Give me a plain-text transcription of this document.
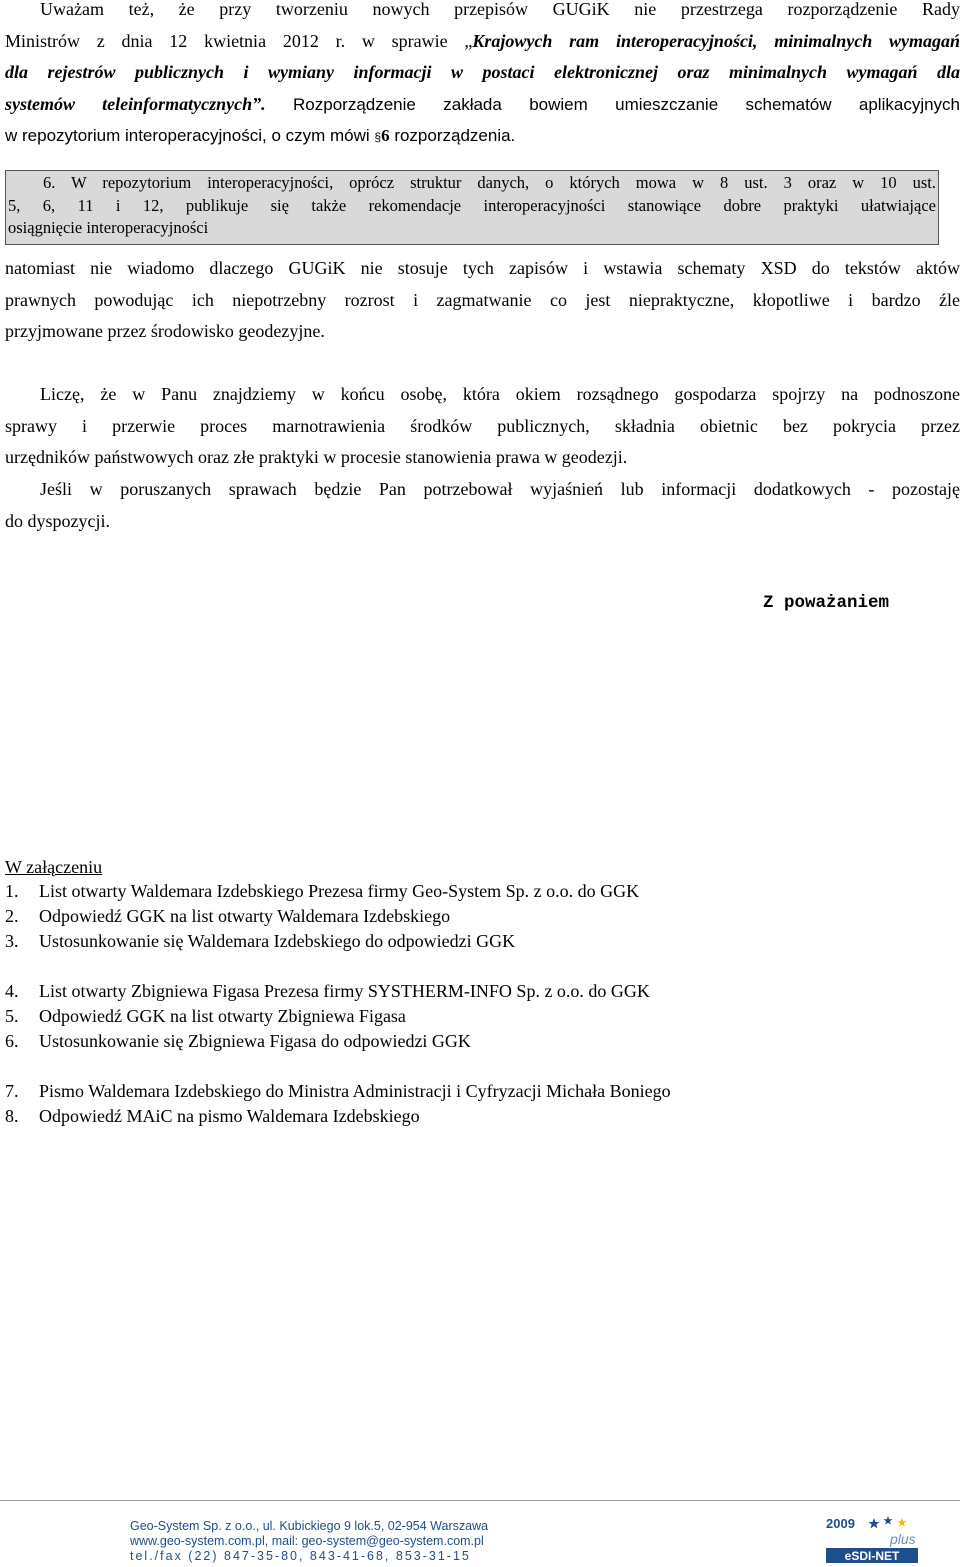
Uważam też, że przy tworzeniu nowych przepisów GUGiK nie przestrzega rozporządzenie Rady
Ministrów z dnia 12 kwietnia 2012 r. w sprawie „Krajowych ram interoperacyjności, minimalnych wymagań
dla rejestrów publicznych i wymiany informacji w postaci elektronicznej oraz minimalnych wymagań dla
systemów teleinformatycznych”. Rozporządzenie zakłada bowiem umieszczanie schematów aplikacyjnych
w repozytorium interoperacyjności, o czym mówi §6 rozporządzenia.
6. W repozytorium interoperacyjności, oprócz struktur danych, o których mowa w 8 ust. 3 oraz w 10 ust.
5, 6, 11 i 12, publikuje się także rekomendacje interoperacyjności stanowiące dobre praktyki ułatwiające
osiągnięcie interoperacyjności
natomiast nie wiadomo dlaczego GUGiK nie stosuje tych zapisów i wstawia schematy XSD do tekstów aktów
prawnych powodując ich niepotrzebny rozrost i zagmatwanie co jest niepraktyczne, kłopotliwe i bardzo źle
przyjmowane przez środowisko geodezyjne.
Liczę, że w Panu znajdziemy w końcu osobę, która okiem rozsądnego gospodarza spojrzy na podnoszone
sprawy i przerwie proces marnotrawienia środków publicznych, składnia obietnic bez pokrycia przez
urzędników państwowych oraz złe praktyki w procesie stanowienia prawa w geodezji.
Jeśli w poruszanych sprawach będzie Pan potrzebował wyjaśnień lub informacji dodatkowych - pozostaję
do dyspozycji.
Z poważaniem
W załączeniu
1. List otwarty Waldemara Izdebskiego Prezesa firmy Geo-System Sp. z o.o. do GGK
2. Odpowiedź GGK na list otwarty Waldemara Izdebskiego
3. Ustosunkowanie się Waldemara Izdebskiego do odpowiedzi GGK
4. List otwarty Zbigniewa Figasa Prezesa firmy SYSTHERM-INFO Sp. z o.o. do GGK
5. Odpowiedź GGK na list otwarty Zbigniewa Figasa
6. Ustosunkowanie się Zbigniewa Figasa do odpowiedzi GGK
7. Pismo Waldemara Izdebskiego do Ministra Administracji i Cyfryzacji Michała Boniego
8. Odpowiedź MAiC na pismo Waldemara Izdebskiego
Geo-System Sp. z o.o., ul. Kubickiego 9 lok.5, 02-954 Warszawa
www.geo-system.com.pl, mail: geo-system@geo-system.com.pl
tel./fax (22) 847-35-80, 843-41-68, 853-31-15
2009
plus
eSDI-NET
